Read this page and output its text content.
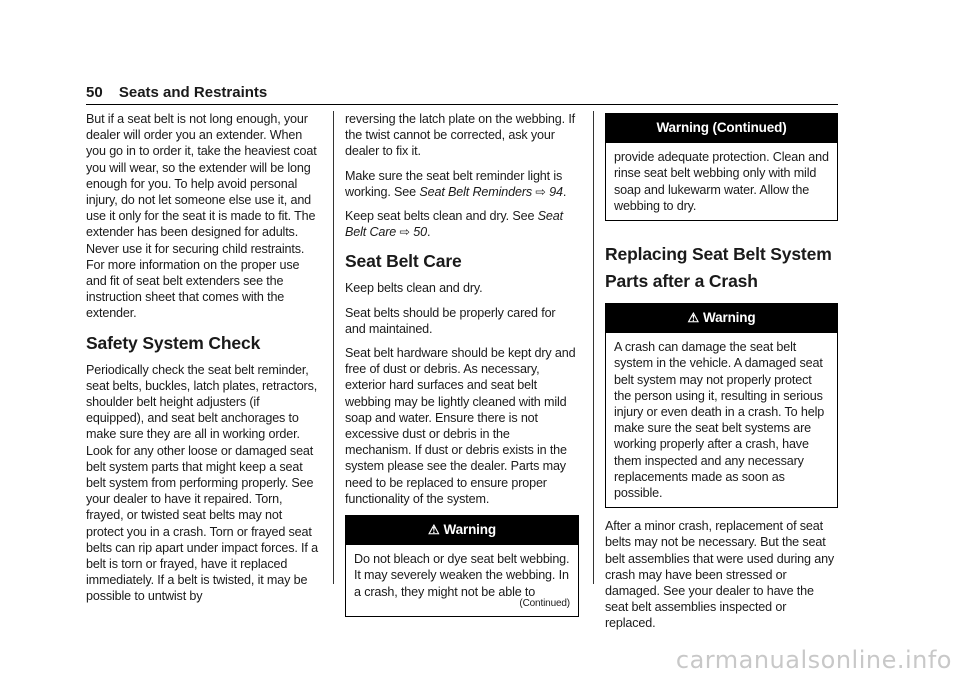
50 Seats and Restraints

But if a seat belt is not long enough, your dealer will order you an extender. When you go in to order it, take the heaviest coat you will wear, so the extender will be long enough for you. To help avoid personal injury, do not let someone else use it, and use it only for the seat it is made to fit. The extender has been designed for adults. Never use it for securing child restraints. For more information on the proper use and fit of seat belt extenders see the instruction sheet that comes with the extender.

Safety System Check

Periodically check the seat belt reminder, seat belts, buckles, latch plates, retractors, shoulder belt height adjusters (if equipped), and seat belt anchorages to make sure they are all in working order. Look for any other loose or damaged seat belt system parts that might keep a seat belt system from performing properly. See your dealer to have it repaired. Torn, frayed, or twisted seat belts may not protect you in a crash. Torn or frayed seat belts can rip apart under impact forces. If a belt is torn or frayed, have it replaced immediately. If a belt is twisted, it may be possible to untwist by

reversing the latch plate on the webbing. If the twist cannot be corrected, ask your dealer to fix it.

Make sure the seat belt reminder light is working. See Seat Belt Reminders ⇨ 94.

Keep seat belts clean and dry. See Seat Belt Care ⇨ 50.

Seat Belt Care

Keep belts clean and dry.

Seat belts should be properly cared for and maintained.

Seat belt hardware should be kept dry and free of dust or debris. As necessary, exterior hard surfaces and seat belt webbing may be lightly cleaned with mild soap and water. Ensure there is not excessive dust or debris in the mechanism. If dust or debris exists in the system please see the dealer. Parts may need to be replaced to ensure proper functionality of the system.

⚠ Warning
Do not bleach or dye seat belt webbing. It may severely weaken the webbing. In a crash, they might not be able to
(Continued)
Warning (Continued)
provide adequate protection. Clean and rinse seat belt webbing only with mild soap and lukewarm water. Allow the webbing to dry.
Replacing Seat Belt System Parts after a Crash
⚠ Warning
A crash can damage the seat belt system in the vehicle. A damaged seat belt system may not properly protect the person using it, resulting in serious injury or even death in a crash. To help make sure the seat belt systems are working properly after a crash, have them inspected and any necessary replacements made as soon as possible.

After a minor crash, replacement of seat belts may not be necessary. But the seat belt assemblies that were used during any crash may have been stressed or damaged. See your dealer to have the seat belt assemblies inspected or replaced.

carmanualsonline.info
